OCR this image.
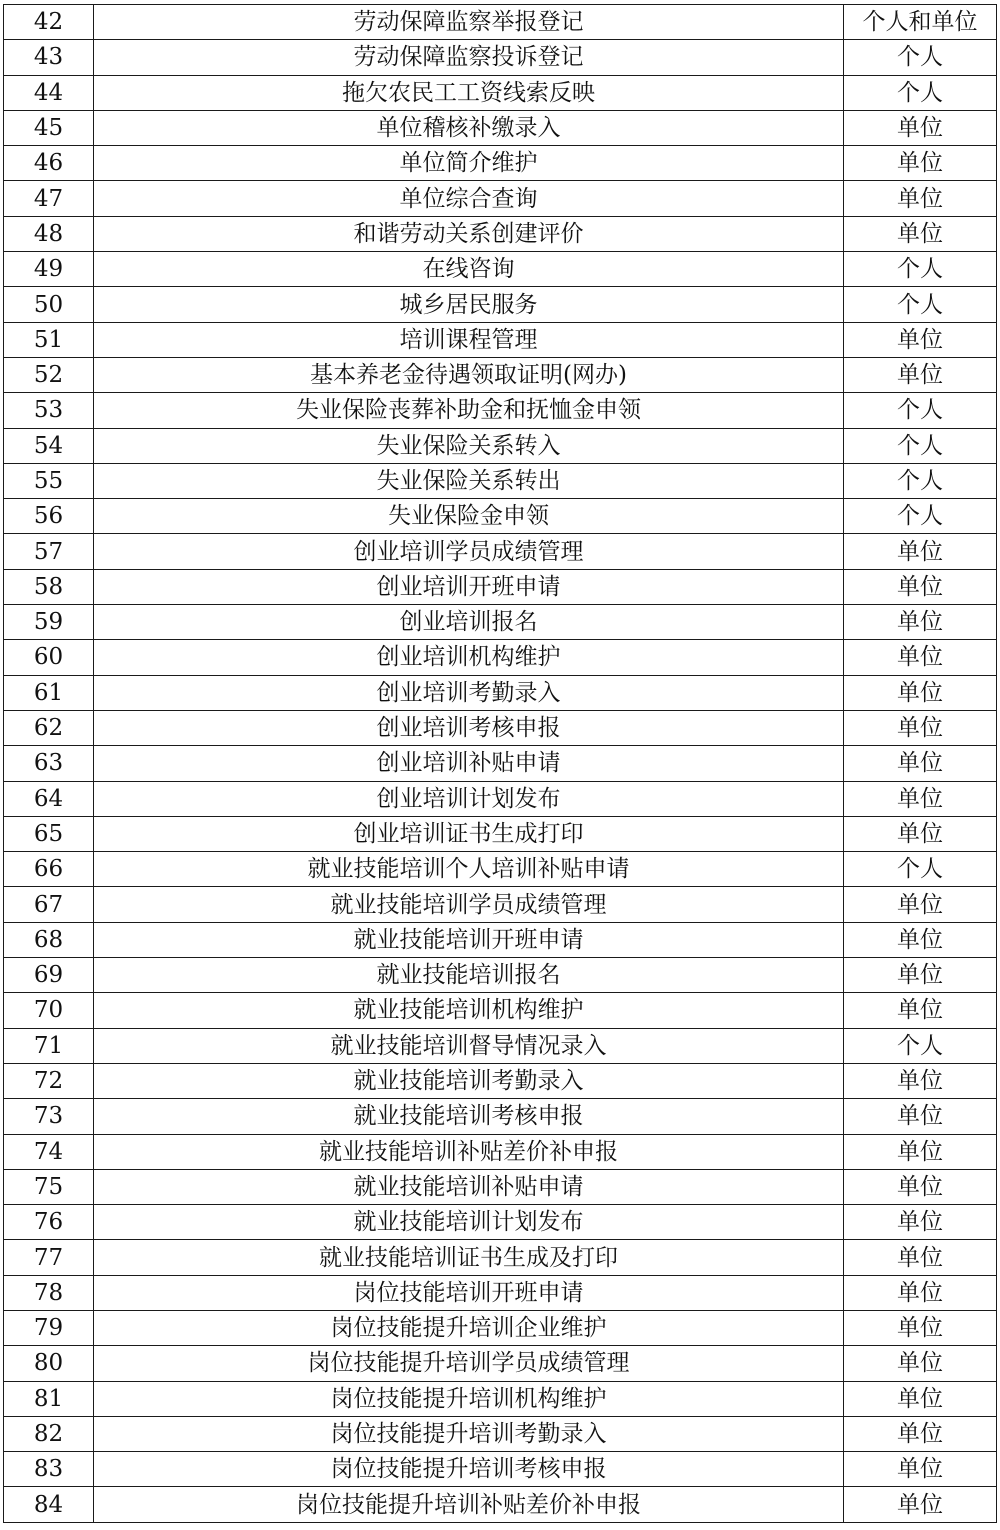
42	劳动保障监察举报登记	个人和单位
43	劳动保障监察投诉登记	个人
44	拖欠农民工工资线索反映	个人
45	单位稽核补缴录入	单位
46	单位简介维护	单位
47	单位综合查询	单位
48	和谐劳动关系创建评价	单位
49	在线咨询	个人
50	城乡居民服务	个人
51	培训课程管理	单位
52	基本养老金待遇领取证明(网办)	单位
53	失业保险丧葬补助金和抚恤金申领	个人
54	失业保险关系转入	个人
55	失业保险关系转出	个人
56	失业保险金申领	个人
57	创业培训学员成绩管理	单位
58	创业培训开班申请	单位
59	创业培训报名	单位
60	创业培训机构维护	单位
61	创业培训考勤录入	单位
62	创业培训考核申报	单位
63	创业培训补贴申请	单位
64	创业培训计划发布	单位
65	创业培训证书生成打印	单位
66	就业技能培训个人培训补贴申请	个人
67	就业技能培训学员成绩管理	单位
68	就业技能培训开班申请	单位
69	就业技能培训报名	单位
70	就业技能培训机构维护	单位
71	就业技能培训督导情况录入	个人
72	就业技能培训考勤录入	单位
73	就业技能培训考核申报	单位
74	就业技能培训补贴差价补申报	单位
75	就业技能培训补贴申请	单位
76	就业技能培训计划发布	单位
77	就业技能培训证书生成及打印	单位
78	岗位技能培训开班申请	单位
79	岗位技能提升培训企业维护	单位
80	岗位技能提升培训学员成绩管理	单位
81	岗位技能提升培训机构维护	单位
82	岗位技能提升培训考勤录入	单位
83	岗位技能提升培训考核申报	单位
84	岗位技能提升培训补贴差价补申报	单位
